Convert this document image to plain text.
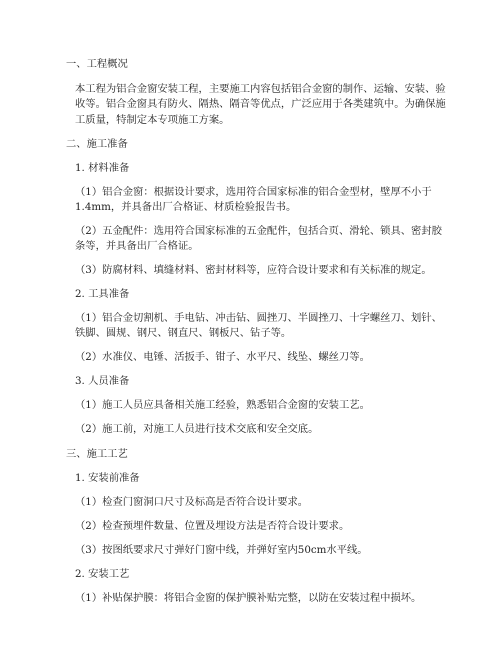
一、工程概况
本工程为铝合金窗安装工程，主要施工内容包括铝合金窗的制作、运输、安装、验
收等。铝合金窗具有防火、隔热、隔音等优点，广泛应用于各类建筑中。为确保施
工质量，特制定本专项施工方案。
二、施工准备
1. 材料准备
（1）铝合金窗：根据设计要求，选用符合国家标准的铝合金型材，壁厚不小于
1.4mm，并具备出厂合格证、材质检验报告书。
（2）五金配件：选用符合国家标准的五金配件，包括合页、滑轮、锁具、密封胶
条等，并具备出厂合格证。
（3）防腐材料、填缝材料、密封材料等，应符合设计要求和有关标准的规定。
2. 工具准备
（1）铝合金切割机、手电钻、冲击钻、圆挫刀、半圆挫刀、十字螺丝刀、划针、
铁脚、圆规、钢尺、钢直尺、钢板尺、钻子等。
（2）水准仪、电锤、活扳手、钳子、水平尺、线坠、螺丝刀等。
3. 人员准备
（1）施工人员应具备相关施工经验，熟悉铝合金窗的安装工艺。
（2）施工前，对施工人员进行技术交底和安全交底。
三、施工工艺
1. 安装前准备
（1）检查门窗洞口尺寸及标高是否符合设计要求。
（2）检查预埋件数量、位置及埋设方法是否符合设计要求。
（3）按图纸要求尺寸弹好门窗中线，并弹好室内50cm水平线。
2. 安装工艺
（1）补贴保护膜：将铝合金窗的保护膜补贴完整，以防在安装过程中损坏。
